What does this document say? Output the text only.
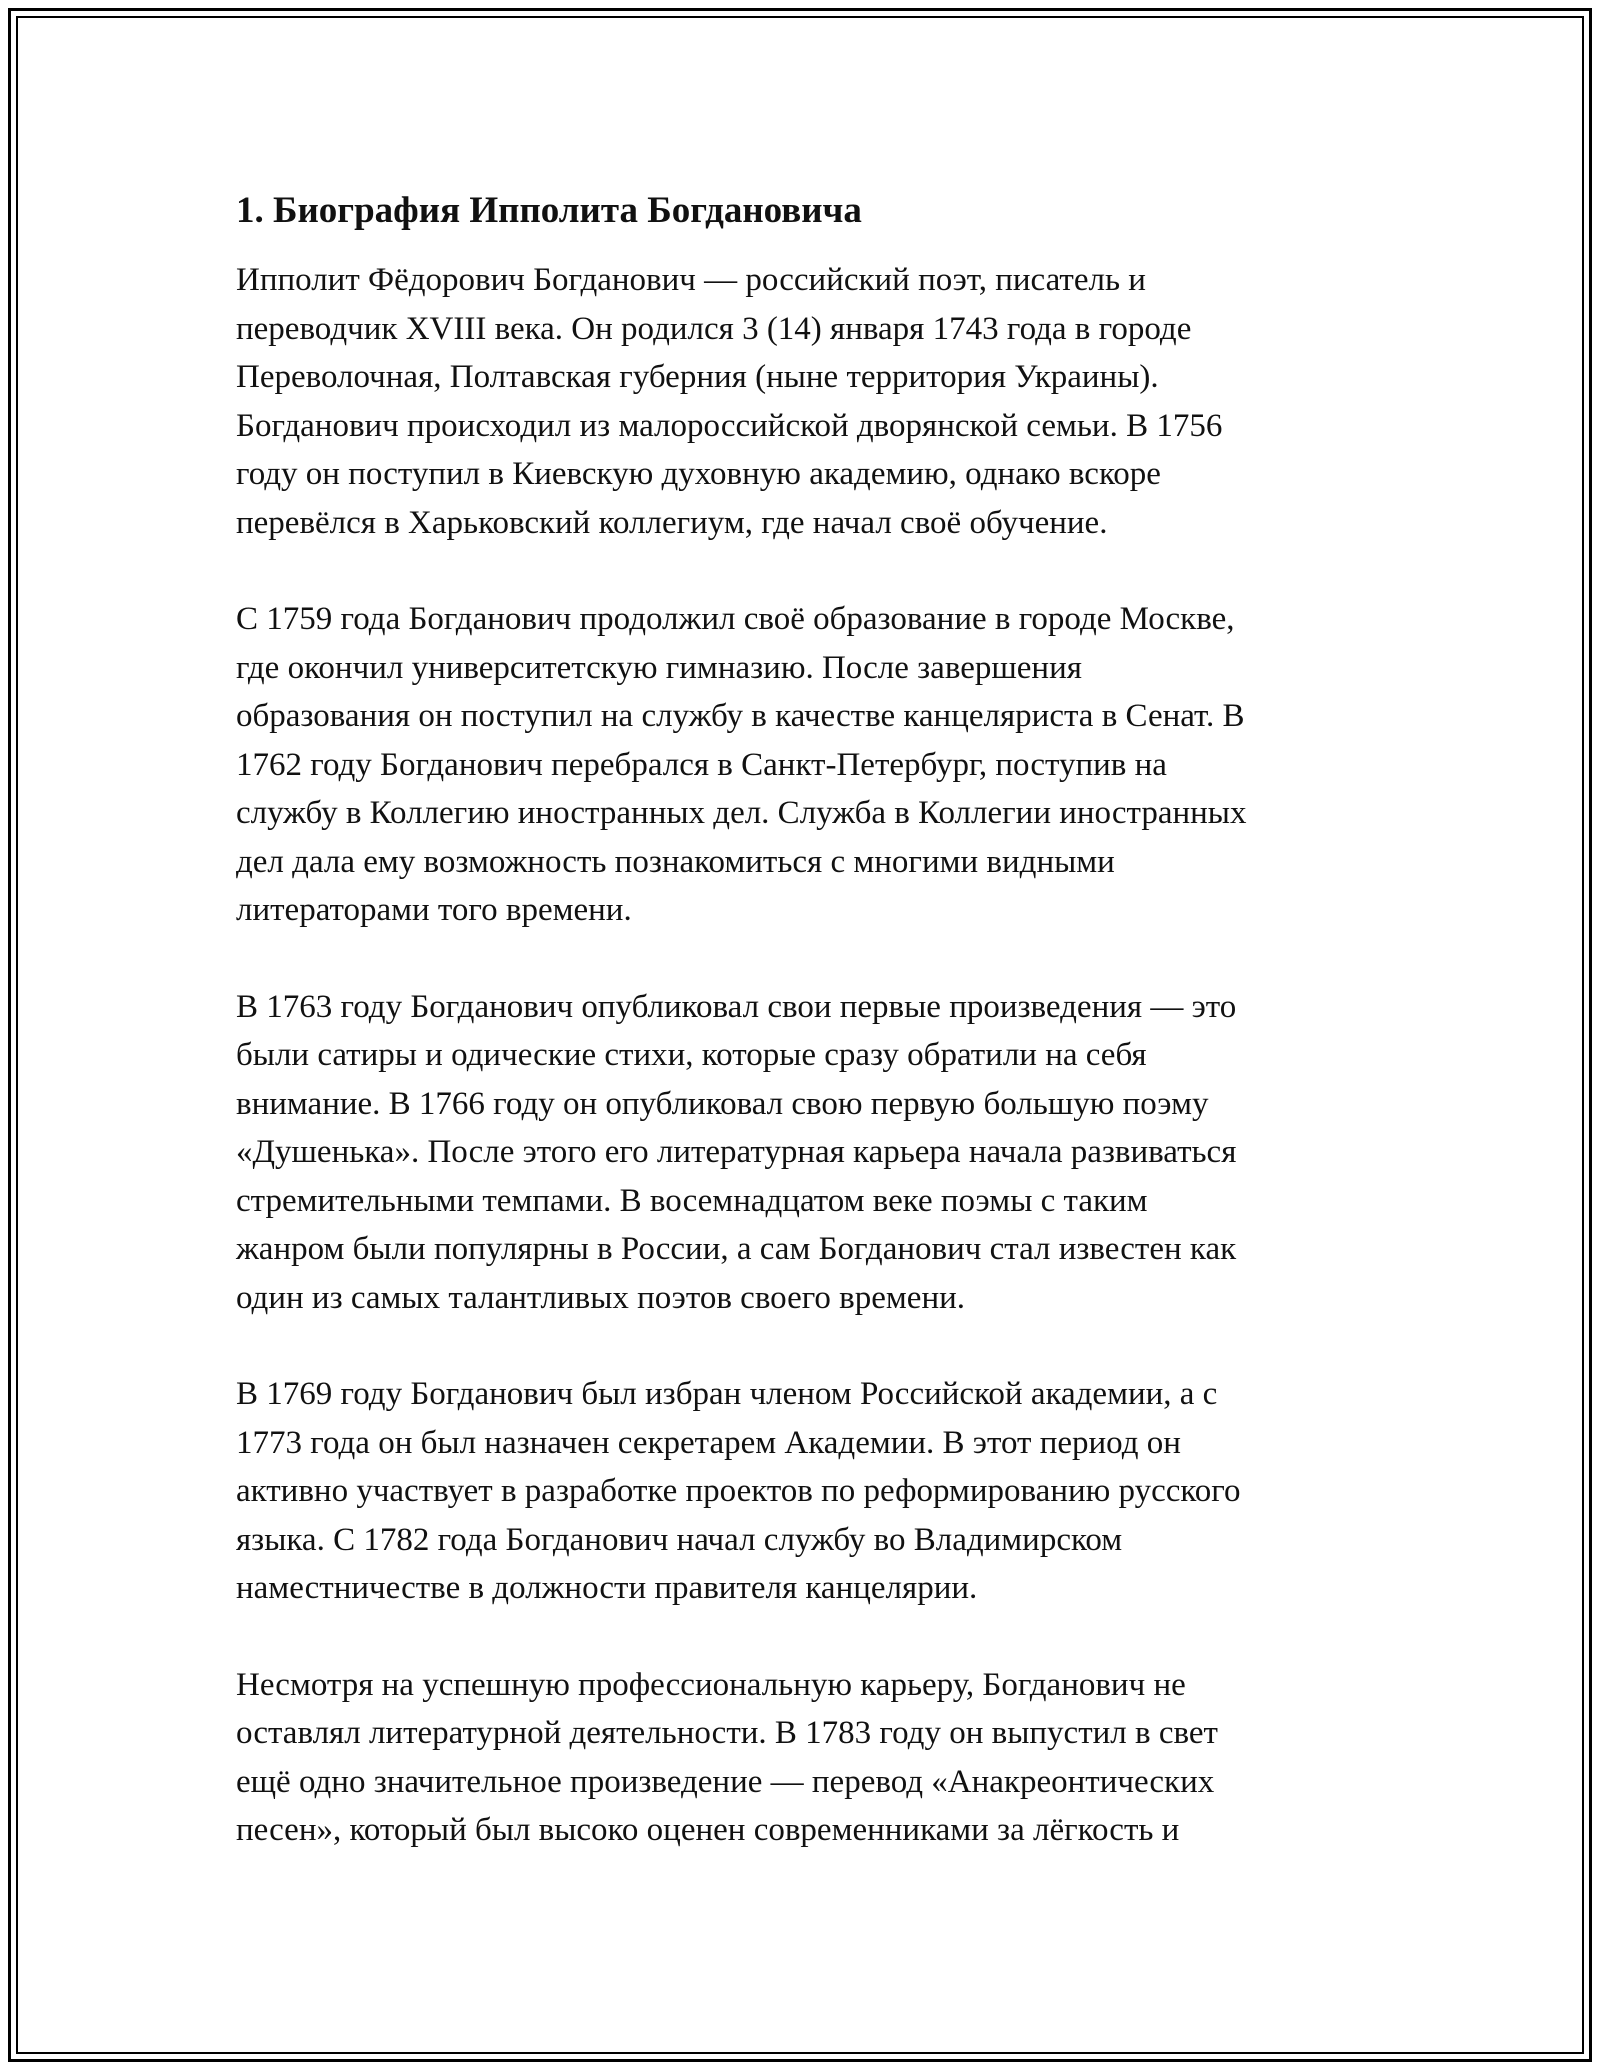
1. Биография Ипполита Богдановича
Ипполит Фёдорович Богданович — российский поэт, писатель и
переводчик XVIII века. Он родился 3 (14) января 1743 года в городе
Переволочная, Полтавская губерния (ныне территория Украины).
Богданович происходил из малороссийской дворянской семьи. В 1756
году он поступил в Киевскую духовную академию, однако вскоре
перевёлся в Харьковский коллегиум, где начал своё обучение.
С 1759 года Богданович продолжил своё образование в городе Москве,
где окончил университетскую гимназию. После завершения
образования он поступил на службу в качестве канцеляриста в Сенат. В
1762 году Богданович перебрался в Санкт-Петербург, поступив на
службу в Коллегию иностранных дел. Служба в Коллегии иностранных
дел дала ему возможность познакомиться с многими видными
литераторами того времени.
В 1763 году Богданович опубликовал свои первые произведения — это
были сатиры и одические стихи, которые сразу обратили на себя
внимание. В 1766 году он опубликовал свою первую большую поэму
«Душенька». После этого его литературная карьера начала развиваться
стремительными темпами. В восемнадцатом веке поэмы с таким
жанром были популярны в России, а сам Богданович стал известен как
один из самых талантливых поэтов своего времени.
В 1769 году Богданович был избран членом Российской академии, а с
1773 года он был назначен секретарем Академии. В этот период он
активно участвует в разработке проектов по реформированию русского
языка. С 1782 года Богданович начал службу во Владимирском
наместничестве в должности правителя канцелярии.
Несмотря на успешную профессиональную карьеру, Богданович не
оставлял литературной деятельности. В 1783 году он выпустил в свет
ещё одно значительное произведение — перевод «Анакреонтических
песен», который был высоко оценен современниками за лёгкость и
